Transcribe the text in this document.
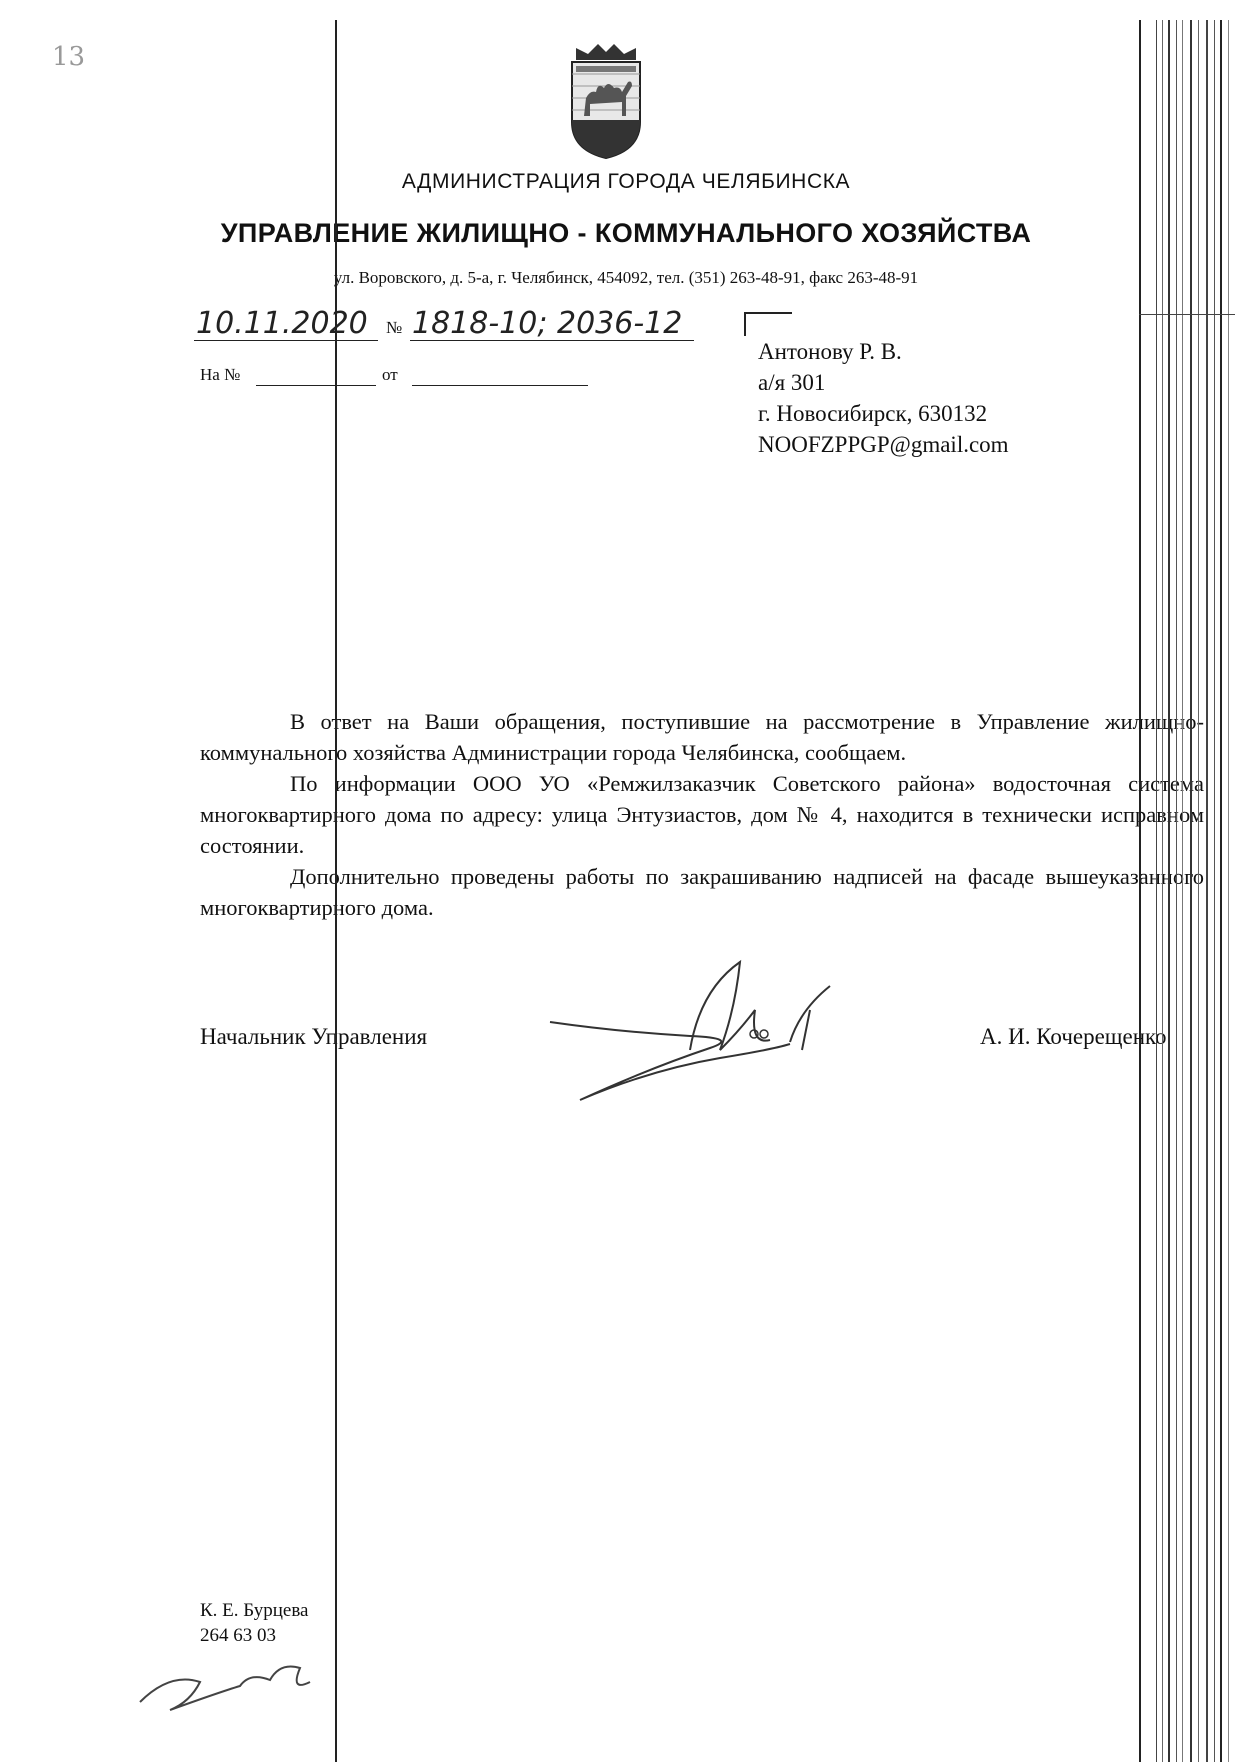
13
АДМИНИСТРАЦИЯ ГОРОДА ЧЕЛЯБИНСКА
УПРАВЛЕНИЕ ЖИЛИЩНО - КОММУНАЛЬНОГО ХОЗЯЙСТВА
ул. Воровского, д. 5-а, г. Челябинск, 454092, тел. (351) 263-48-91, факс 263-48-91
10.11.2020 № 1818-10; 2036-12
На №	от
Антонову Р. В.
а/я 301
г. Новосибирск, 630132
NOOFZPPGP@gmail.com

В ответ на Ваши обращения, поступившие на рассмотрение в Управление жилищно-коммунального хозяйства Администрации города Челябинска, сообщаем.

По информации ООО УО «Ремжилзаказчик Советского района» водосточная система многоквартирного дома по адресу: улица Энтузиастов, дом № 4, находится в технически исправном состоянии.

Дополнительно проведены работы по закрашиванию надписей на фасаде вышеуказанного многоквартирного дома.

Начальник Управления	А. И. Кочерещенко
К. Е. Бурцева
264 63 03
